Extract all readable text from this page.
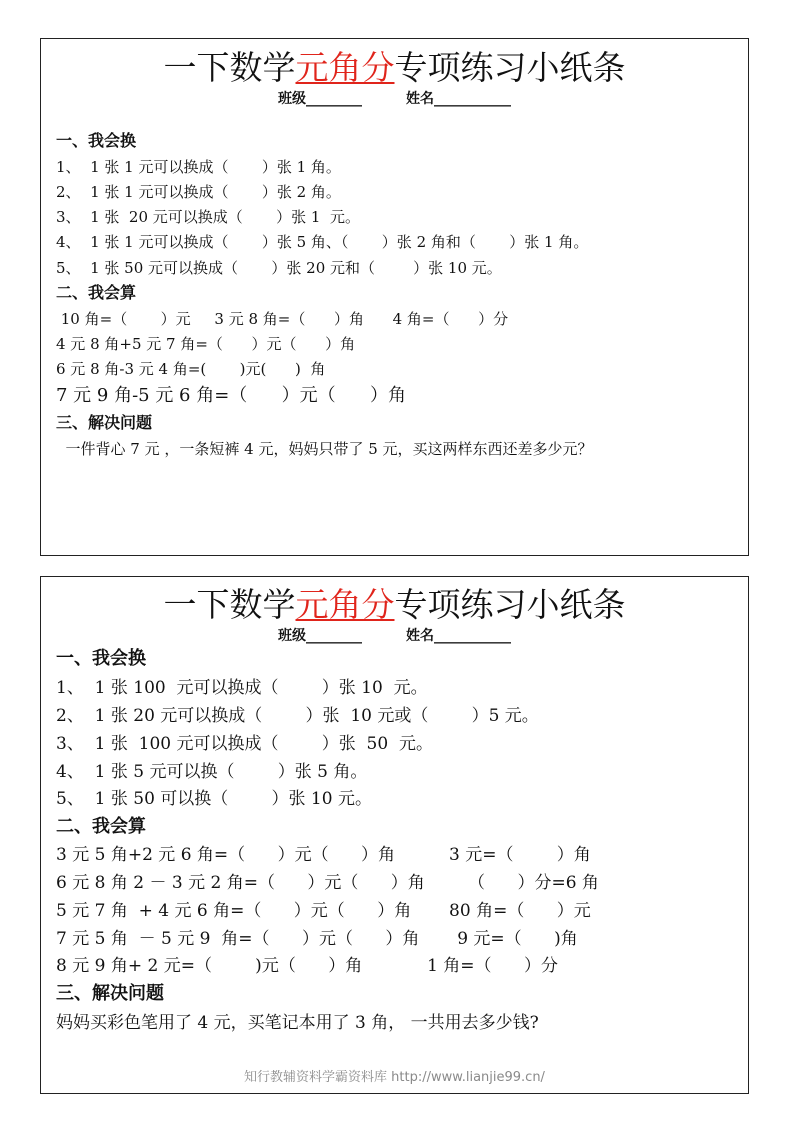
一下数学元角分专项练习小纸条
班级________	姓名___________
一、我会换
1、  1 张 1 元可以换成（       ）张 1 角。
2、  1 张 1 元可以换成（       ）张 2 角。
3、  1 张  20 元可以换成（       ）张 1  元。
4、  1 张 1 元可以换成（       ）张 5 角、（       ）张 2 角和（       ）张 1 角。
5、  1 张 50 元可以换成（       ）张 20 元和（        ）张 10 元。
二、我会算
10 角=（       ）元     3 元 8 角=（      ）角      4 角=（      ）分
4 元 8 角+5 元 7 角=（      ）元（      ）角
6 元 8 角-3 元 4 角=(       )元(      )  角
7 元 9 角-5 元 6 角=（      ）元（      ）角
三、解决问题
一件背心 7 元 ，一条短裤 4 元，妈妈只带了 5 元，买这两样东西还差多少元？
一下数学元角分专项练习小纸条
班级________	姓名___________
一、我会换
1、  1 张 100  元可以换成（        ）张 10  元。
2、  1 张 20 元可以换成（        ）张  10 元或（        ）5 元。
3、  1 张  100 元可以换成（        ）张  50  元。
4、  1 张 5 元可以换（        ）张 5 角。
5、  1 张 50 可以换（        ）张 10 元。
二、我会算
3 元 5 角+2 元 6 角=（      ）元（      ）角          3 元=（        ）角
6 元 8 角 2 － 3 元 2 角=（      ）元（      ）角        （      ）分=6 角
5 元 7 角  + 4 元 6 角=（      ）元（      ）角       80 角=（      ）元
7 元 5 角  － 5 元 9  角=（      ）元（      ）角       9 元=（      )角
8 元 9 角+ 2 元=（        )元（      ）角            1 角=（      ）分
三、解决问题
妈妈买彩色笔用了 4 元，买笔记本用了 3 角， 一共用去多少钱?
知行教辅资料学霸资料库 http://www.lianjie99.cn/
